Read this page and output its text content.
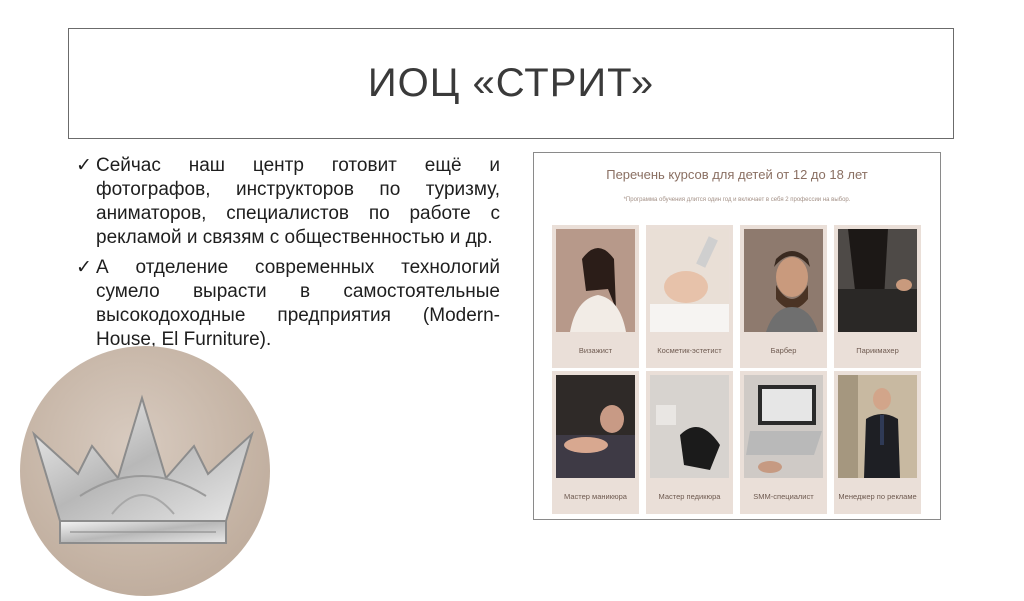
ИОЦ «СТРИТ»
✓ Сейчас наш центр готовит ещё и фотографов, инструкторов по туризму, аниматоров, специалистов по работе с рекламой и связям с общественностью и др.
✓ А отделение современных технологий сумело вырасти в самостоятельные высокодоходные предприятия (Modern-House, El Furniture).
Перечень курсов для детей от 12 до 18 лет
*Программа обучения длится один год и включает в себя 2 профессии на выбор.
Визажист	Косметик-эстетист	Барбер	Парикмахер
Мастер маникюра	Мастер педикюра	SMM-специалист	Менеджер по рекламе
